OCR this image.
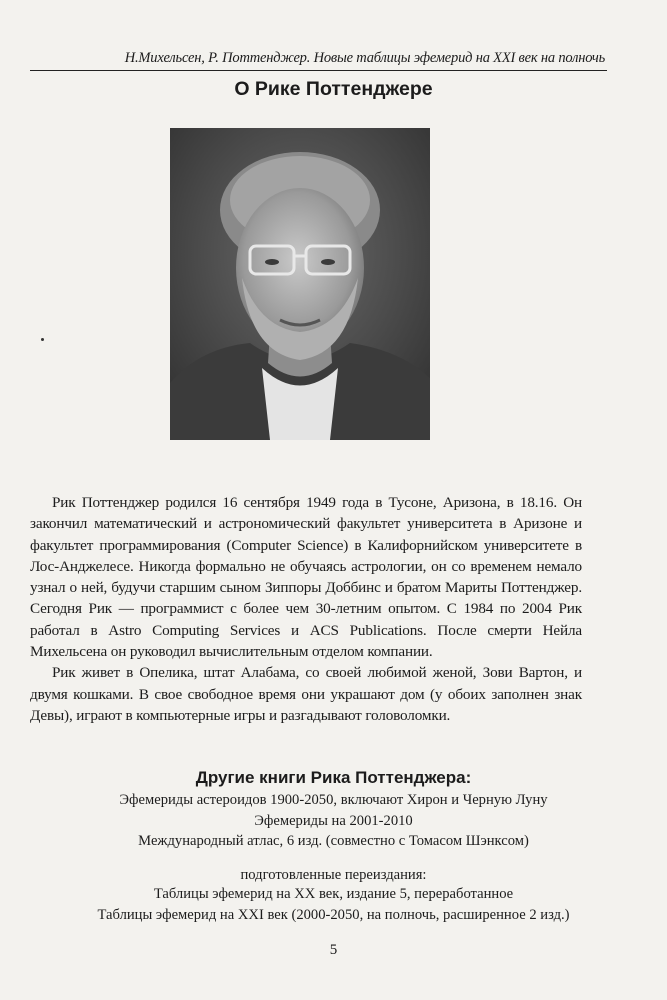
Н.Михельсен, Р. Поттенджер. Новые таблицы эфемерид на XXI век на полночь
О Рике Поттенджере

Рик Поттенджер родился 16 сентября 1949 года в Тусоне, Аризона, в 18.16. Он закончил математический и астрономический факультет университета в Аризоне и факультет программирования (Computer Science) в Калифорнийском университете в Лос-Анджелесе. Никогда формально не обучаясь астрологии, он со временем немало узнал о ней, будучи старшим сыном Зиппоры Доббинс и братом Мариты Поттенджер. Сегодня Рик — программист с более чем 30-летним опытом. С 1984 по 2004 Рик работал в Astro Computing Services и ACS Publications. После смерти Нейла Михельсена он руководил вычислительным отделом компании.

Рик живет в Опелика, штат Алабама, со своей любимой женой, Зови Вартон, и двумя кошками. В свое свободное время они украшают дом (у обоих заполнен знак Девы), играют в компьютерные игры и разгадывают головоломки.

Другие книги Рика Поттенджера:
Эфемериды астероидов 1900-2050, включают Хирон и Черную Луну
Эфемериды на 2001-2010
Международный атлас, 6 изд. (совместно с Томасом Шэнксом)
подготовленные переиздания:
Таблицы эфемерид на XX век, издание 5, переработанное
Таблицы эфемерид на XXI век (2000-2050, на полночь, расширенное 2 изд.)
5
